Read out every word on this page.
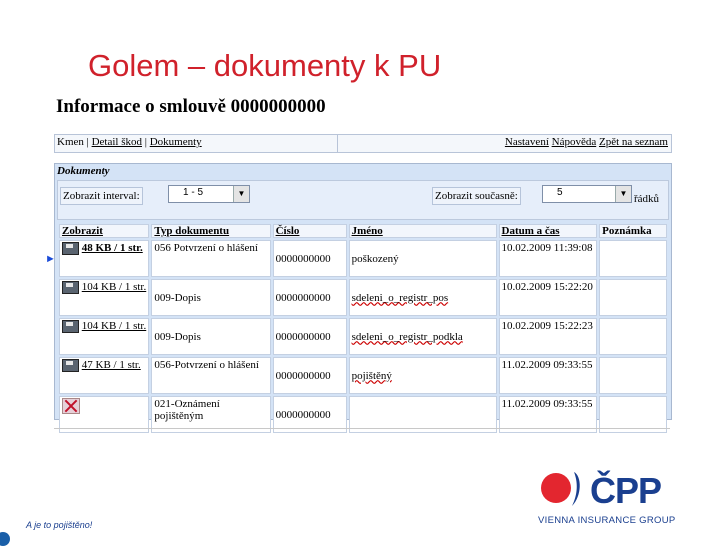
Golem – dokumenty k PU
Informace o smlouvě 0000000000
Kmen | Detail škod | Dokumenty	Nastavení Nápověda Zpět na seznam
Dokumenty
Zobrazit interval:	1 - 5	▼	Zobrazit současně:	5	▼ řádků
Zobrazit	Typ dokumentu	Číslo	Jméno	Datum a čas	Poznámka

►
48 KB / 1 str.	056 Potvrzení o hlášení	0000000000	poškozený	10.02.2009 11:39:08	
104 KB / 1 str.	009-Dopis	0000000000	sdeleni_o_registr_pos	10.02.2009 15:22:20	
104 KB / 1 str.	009-Dopis	0000000000	sdeleni_o_registr_podkla	10.02.2009 15:22:23	
47 KB / 1 str.	056-Potvrzení o hlášení	0000000000	pojištěný	11.02.2009 09:33:55	
	021-Oznámení pojištěným	0000000000		11.02.2009 09:33:55	
ČPP
VIENNA INSURANCE GROUP
A je to pojištěno!
